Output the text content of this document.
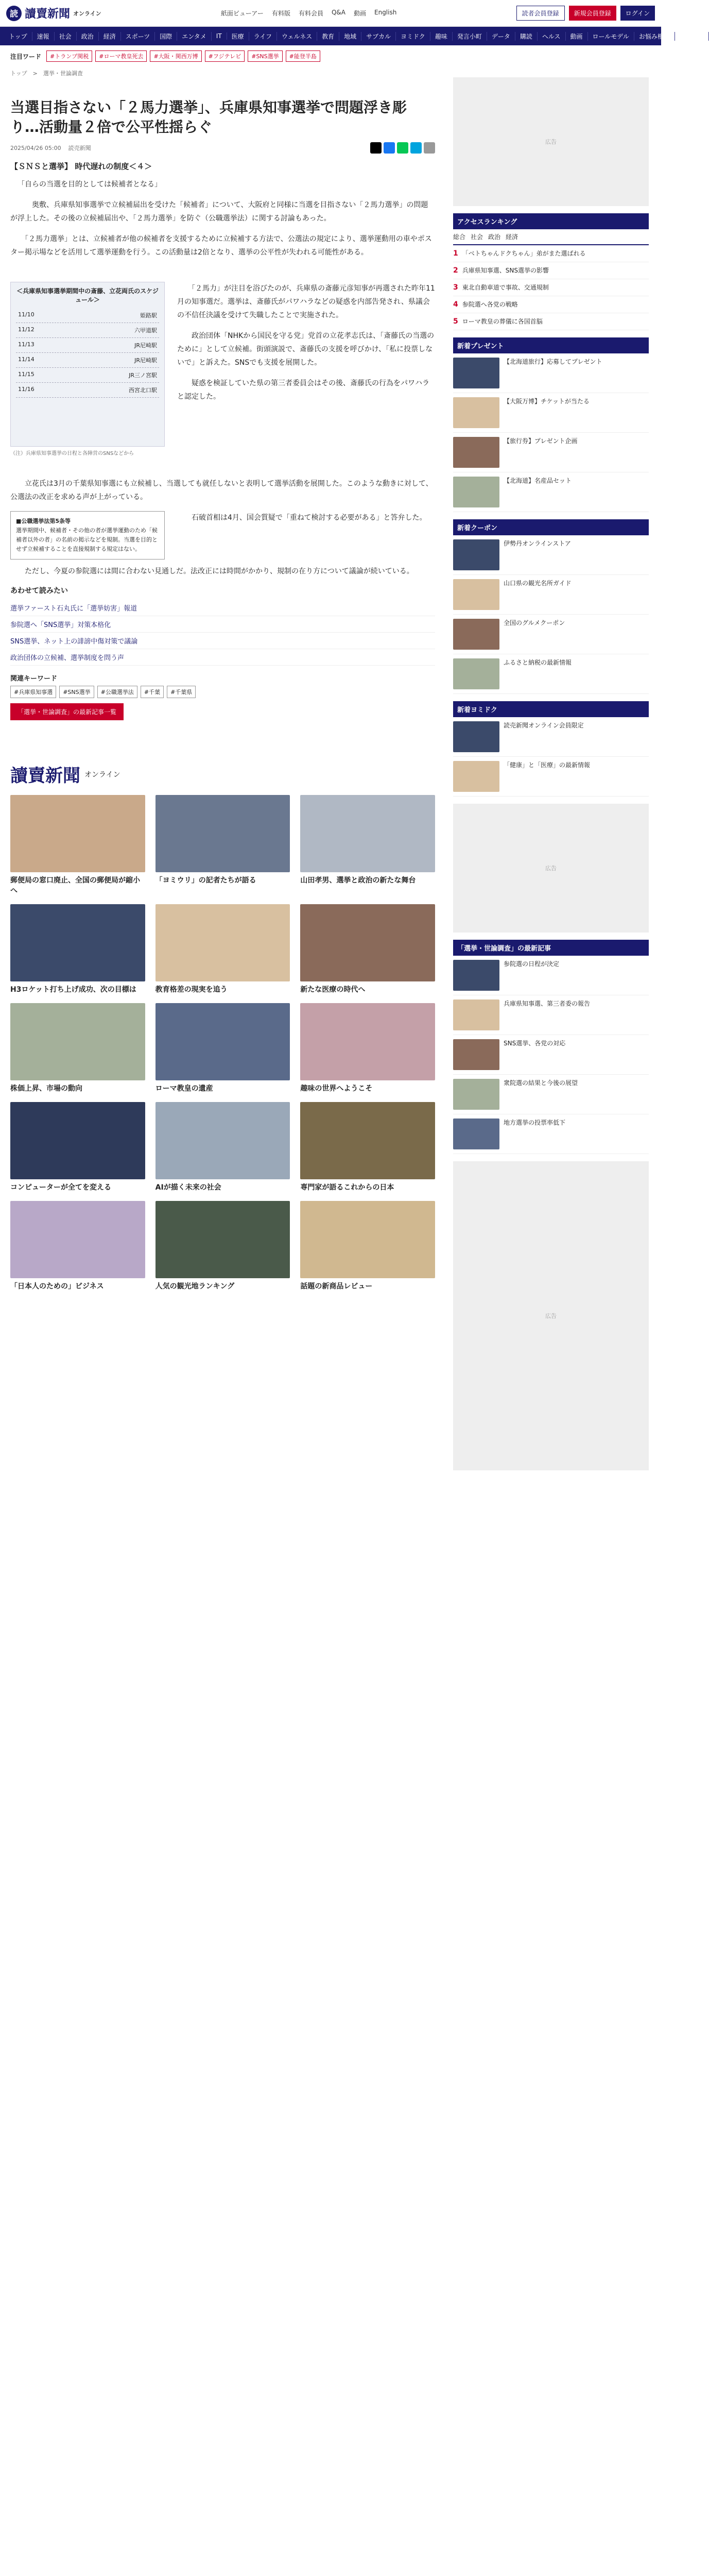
読 讀賣新聞 オンライン	紙面ビューアー 有料版 有料会員 Q&A 動画 English	読者会員登録	新規会員登録	ログイン
トップ	速報	社会	政治	経済	スポーツ	国際	エンタメ	IT	医療	ライフ	ウェルネス	教育	地域	サブカル	ヨミドク	趣味	発言小町	データ	購読	ヘルス	動画	ロールモデル	お悩み相談	ログイン
注目ワード	#トランプ関税	#ローマ教皇死去	#大阪・関西万博	#フジテレビ	#SNS選挙	#能登半島
トップ　>　選挙・世論調査
当選目指さない「２馬力選挙」、兵庫県知事選挙で問題浮き彫り…活動量２倍で公平性揺らぐ
2025/04/26 05:00 読売新聞
【ＳＮＳと選挙】 時代遅れの制度＜４＞

「自らの当選を目的としては候補者となる」

　　奥敷、兵庫県知事選挙で立候補届出を受けた「候補者」について、大阪府と同様に当選を目指さない「２馬力選挙」の問題が浮上した。その後の立候補届出や、「２馬力選挙」を防ぐ（公職選挙法）に関する討論もあった。

　「２馬力選挙」とは、立候補者が他の候補者を支援するために立候補する方法で、公選法の規定により、選挙運動用の車やポスター掲示場などを活用して選挙運動を行う。この活動量は2倍となり、選挙の公平性が失われる可能性がある。

＜兵庫県知事選挙期間中の斎藤、立花両氏のスケジュール＞
11/10	姫路駅
11/12	六甲道駅
11/13	JR尼崎駅
11/14	JR尼崎駅
11/15	JR三ノ宮駅
11/16	西宮北口駅
（注）兵庫県知事選挙の日程と各陣営のSNSなどから

　「２馬力」が注目を浴びたのが、兵庫県の斎藤元彦知事が再選された昨年11月の知事選だ。選挙は、斎藤氏がパワハラなどの疑惑を内部告発され、県議会の不信任決議を受けて失職したことで実施された。

　政治団体「NHKから国民を守る党」党首の立花孝志氏は、「斎藤氏の当選のために」として立候補。街頭演説で、斎藤氏の支援を呼びかけ、「私に投票しないで」と訴えた。SNSでも支援を展開した。

　疑惑を検証していた県の第三者委員会はその後、斎藤氏の行為をパワハラと認定した。

　立花氏は3月の千葉県知事選にも立候補し、当選しても就任しないと表明して選挙活動を展開した。このような動きに対して、公選法の改正を求める声が上がっている。

■公職選挙法第5条等
選挙期間中、候補者・その他の者が選挙運動のため「候補者以外の者」の名前の掲示などを規制。当選を目的とせず立候補することを直接規制する規定はない。

　石破首相は4月、国会質疑で「重ねて検討する必要がある」と答弁した。

　ただし、今夏の参院選には間に合わない見通しだ。法改正には時間がかかり、規制の在り方について議論が続いている。

あわせて読みたい
選挙ファースト石丸氏に「選挙妨害」報道
参院選へ「SNS選挙」対策本格化
SNS選挙、ネット上の誹謗中傷対策で議論
政治団体の立候補、選挙制度を問う声
関連キーワード
#兵庫県知事選	#SNS選挙	#公職選挙法	#千葉	#千葉県
「選挙・世論調査」の最新記事一覧
讀賣新聞 オンライン

郵便局の窓口廃止、全国の郵便局が縮小へ

「ヨミウリ」の記者たちが語る	山田孝男、選挙と政治の新たな舞台

H3ロケット打ち上げ成功、次の目標は	教育格差の現実を追う	新たな医療の時代へ

株価上昇、市場の動向	ローマ教皇の遺産	趣味の世界へようこそ

コンピューターが全てを変える	AIが描く未来の社会	専門家が語るこれからの日本

「日本人のための」ビジネス	人気の観光地ランキング	話題の新商品レビュー

広告
アクセスランキング
総合 社会 政治 経済
1 「ベトちゃんドクちゃん」弟がまた選ばれる
2 兵庫県知事選、SNS選挙の影響
3 東北自動車道で事故、交通規制
4 参院選へ各党の戦略
5 ローマ教皇の葬儀に各国首脳
新着プレゼント
【北海道旅行】応募してプレゼント
【大阪万博】チケットが当たる
【旅行券】プレゼント企画
【北海道】名産品セット
新着クーポン
伊勢丹オンラインストア
山口県の観光名所ガイド
全国のグルメクーポン
ふるさと納税の最新情報
新着ヨミドク
読売新聞オンライン会員限定
「健康」と「医療」の最新情報
広告
「選挙・世論調査」の最新記事
参院選の日程が決定
兵庫県知事選、第三者委の報告
SNS選挙、各党の対応
衆院選の結果と今後の展望
地方選挙の投票率低下
広告
